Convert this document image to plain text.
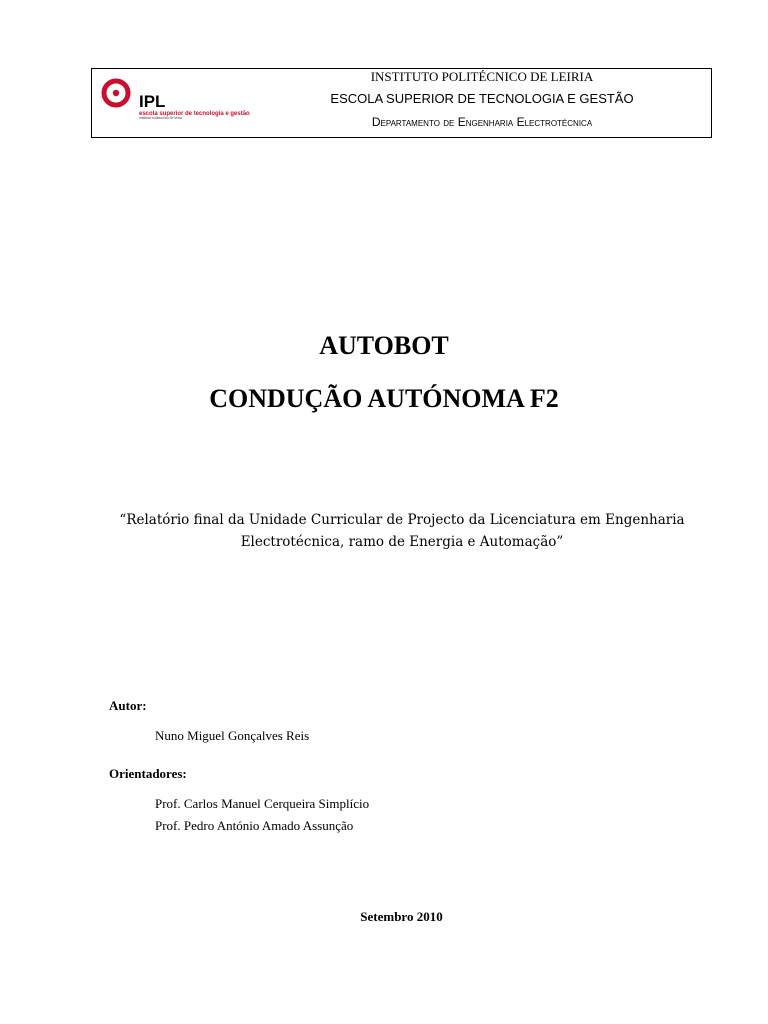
IPL
escola superior de tecnologia e gestão
instituto politécnico de leiria
INSTITUTO POLITÉCNICO DE LEIRIA
ESCOLA SUPERIOR DE TECNOLOGIA E GESTÃO
Departamento de Engenharia Electrotécnica
AUTOBOT
CONDUÇÃO AUTÓNOMA F2
“Relatório final da Unidade Curricular de Projecto da Licenciatura em Engenharia
Electrotécnica, ramo de Energia e Automação”
Autor:
Nuno Miguel Gonçalves Reis
Orientadores:
Prof. Carlos Manuel Cerqueira Simplício
Prof. Pedro António Amado Assunção
Setembro 2010
